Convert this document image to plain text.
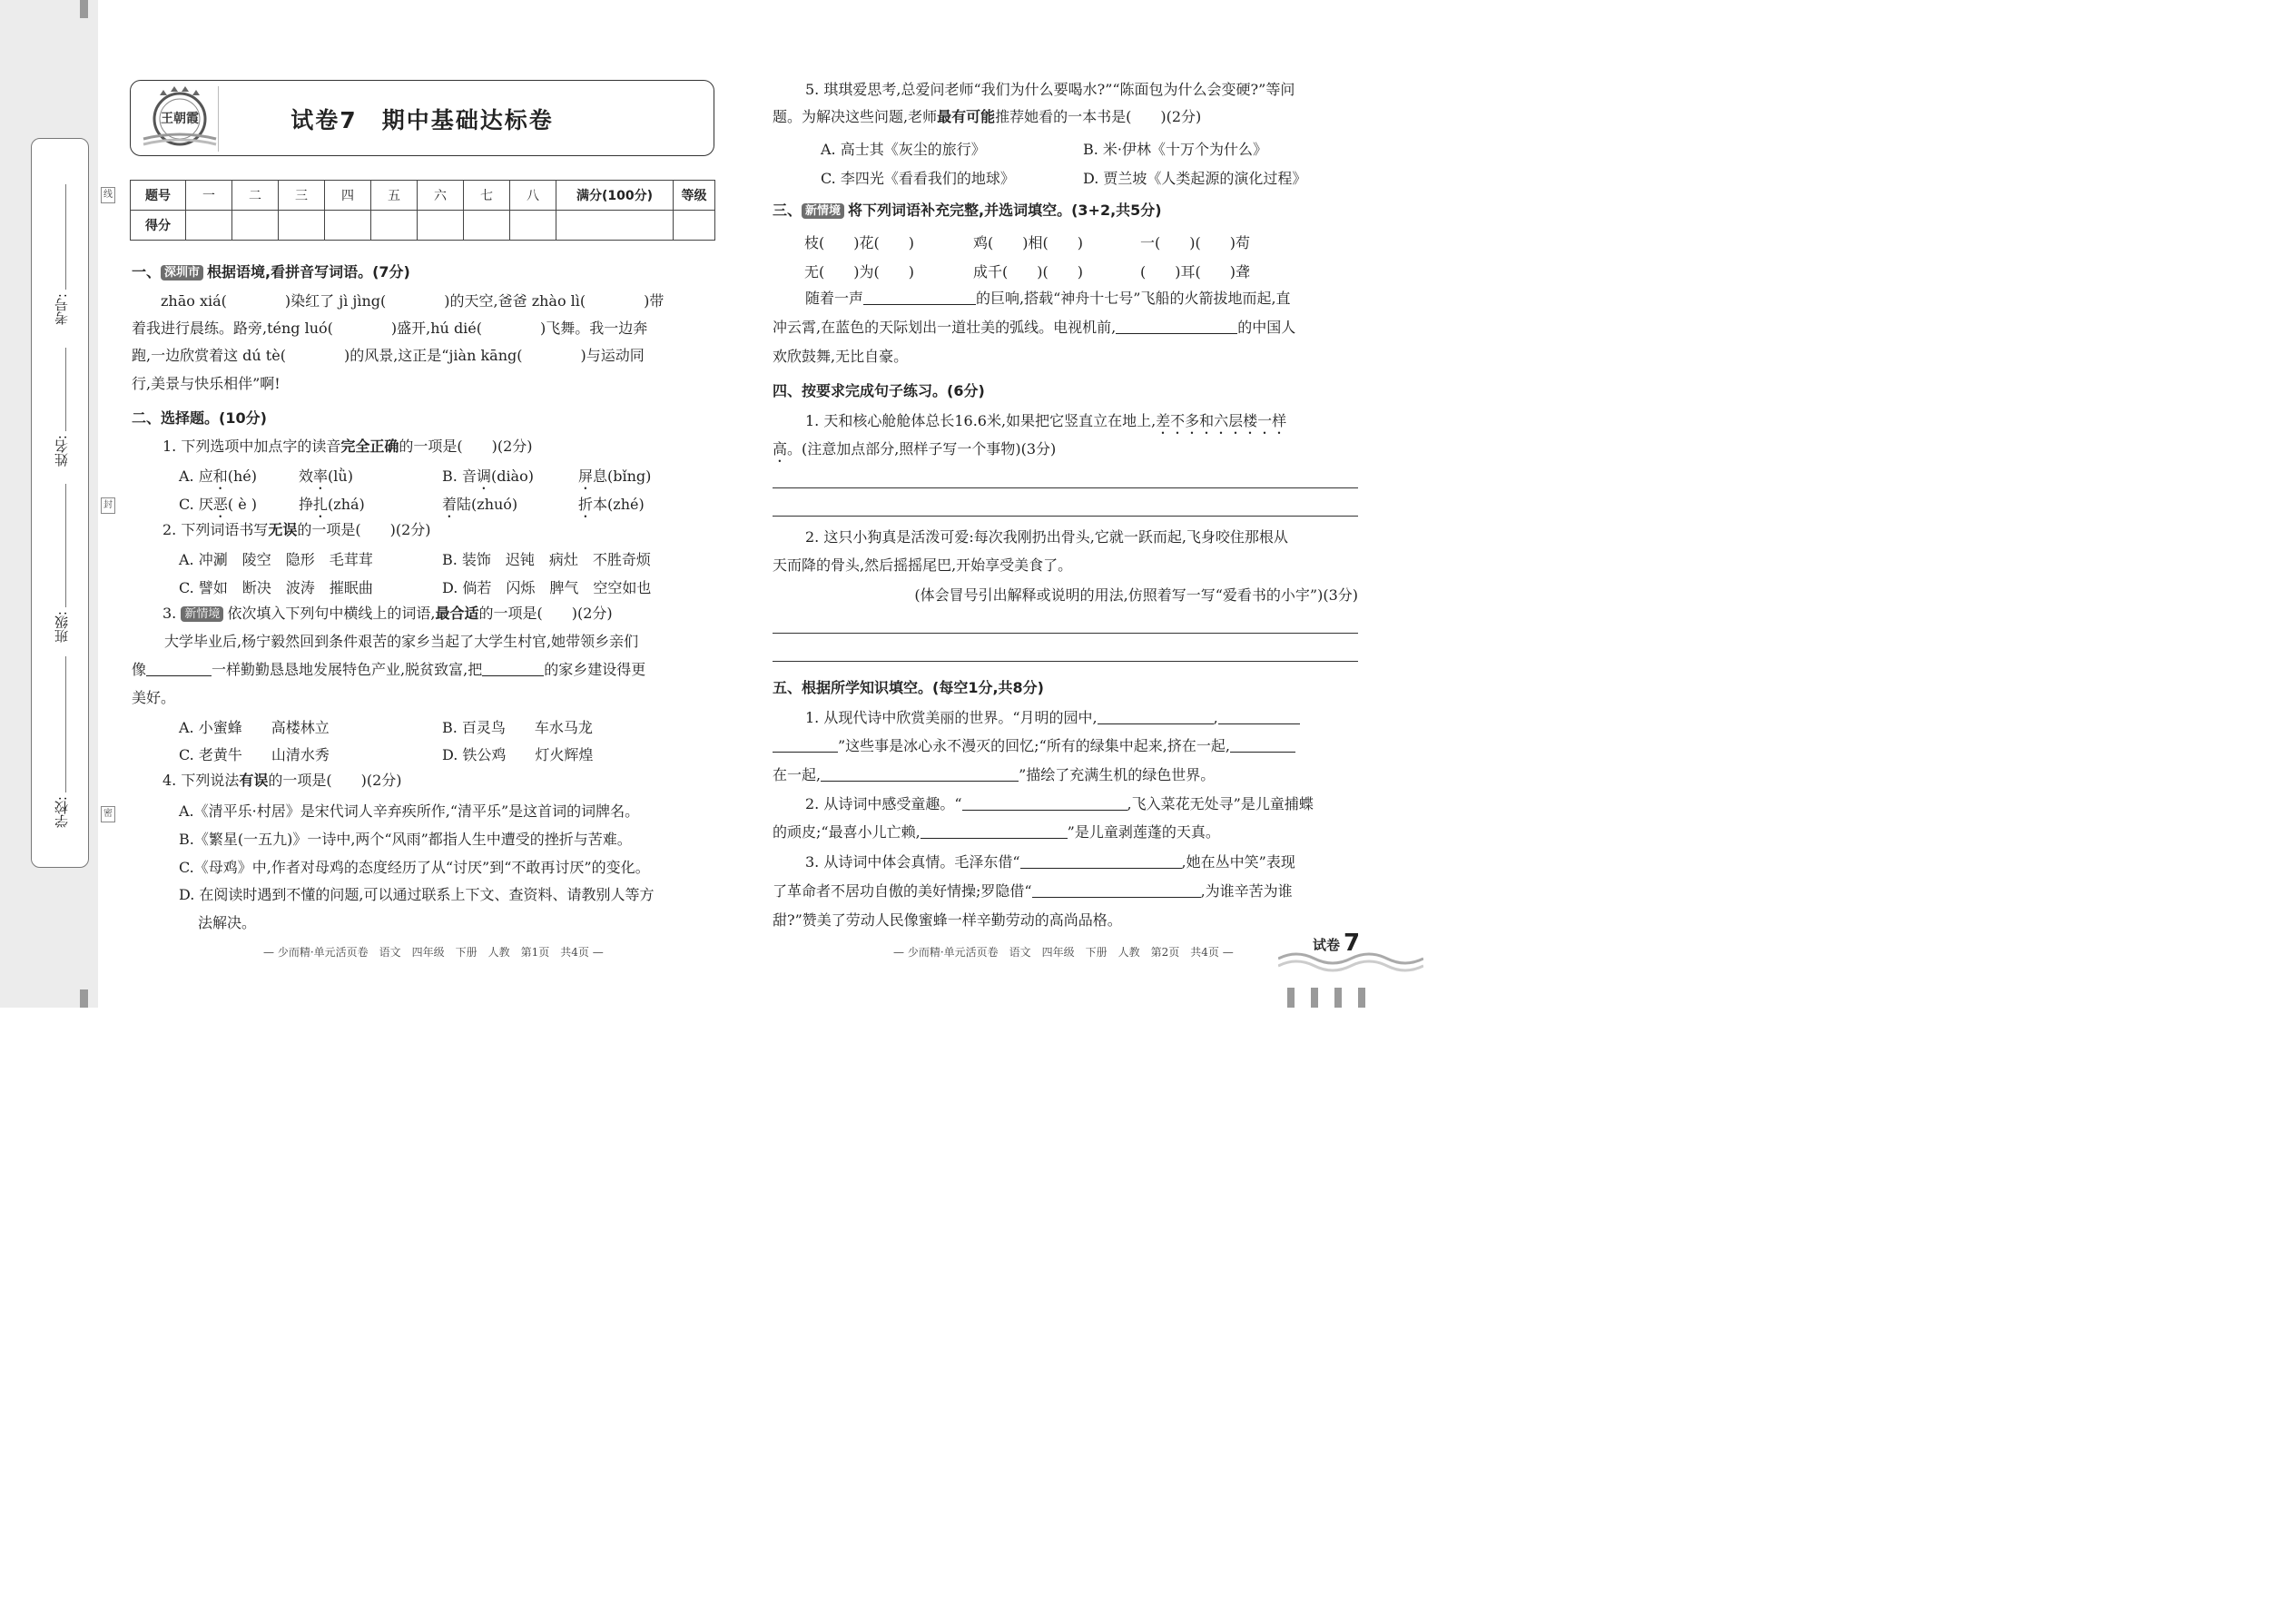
学校:
班级:
姓名:
考号:
线
封
密
王朝霞	试卷7　期中基础达标卷
题号	一	二	三	四	五	六	七	八	满分(100分)	等级
得分										
一、 深圳市 根据语境,看拼音写词语。(7分)
zhāo xiá(　　　　)染红了 jì jìng(　　　　)的天空,爸爸 zhào lì(　　　　)带
着我进行晨练。路旁,téng luó(　　　　)盛开,hú dié(　　　　)飞舞。我一边奔
跑,一边欣赏着这 dú tè(　　　　)的风景,这正是“jiàn kāng(　　　　)与运动同
行,美景与快乐相伴”啊!
二、选择题。(10分)
1. 下列选项中加点字的读音完全正确的一项是(　　)(2分)
A. 应和(hé)	效率(lǜ)	B. 音调(diào)	屏息(bǐng)
C. 厌恶( è )	挣扎(zhá)	着陆(zhuó)	折本(zhé)
2. 下列词语书写无误的一项是(　　)(2分)
A. 冲涮　陵空　隐形　毛茸茸	B. 装饰　迟钝　病灶　不胜奇烦
C. 譬如　断决　波涛　摧眠曲	D. 倘若　闪烁　脾气　空空如也
3. 新情境 依次填入下列句中横线上的词语,最合适的一项是(　　)(2分)
大学毕业后,杨宁毅然回到条件艰苦的家乡当起了大学生村官,她带领乡亲们
像	一样勤勤恳恳地发展特色产业,脱贫致富,把	的家乡建设得更
美好。
A. 小蜜蜂　　高楼林立	B. 百灵鸟　　车水马龙
C. 老黄牛　　山清水秀	D. 铁公鸡　　灯火辉煌
4. 下列说法有误的一项是(　　)(2分)
A.《清平乐·村居》是宋代词人辛弃疾所作,“清平乐”是这首词的词牌名。
B.《繁星(一五九)》一诗中,两个“风雨”都指人生中遭受的挫折与苦难。
C.《母鸡》中,作者对母鸡的态度经历了从“讨厌”到“不敢再讨厌”的变化。
D. 在阅读时遇到不懂的问题,可以通过联系上下文、查资料、请教别人等方
法解决。
— 少而精·单元活页卷　语文　四年级　下册　人教　第1页　共4页 —
5. 琪琪爱思考,总爱问老师“我们为什么要喝水?”“陈面包为什么会变硬?”等问
题。为解决这些问题,老师最有可能推荐她看的一本书是(　　)(2分)
A. 高士其《灰尘的旅行》	B. 米·伊林《十万个为什么》
C. 李四光《看看我们的地球》	D. 贾兰坡《人类起源的演化过程》
三、 新情境 将下列词语补充完整,并选词填空。(3+2,共5分)
枝(　　)花(　　)	鸡(　　)相(　　)	一(　　)(　　)苟
无(　　)为(　　)	成千(　　)(　　)	(　　)耳(　　)聋
随着一声	的巨响,搭载“神舟十七号”飞船的火箭拔地而起,直
冲云霄,在蓝色的天际划出一道壮美的弧线。电视机前,	的中国人
欢欣鼓舞,无比自豪。
四、按要求完成句子练习。(6分)
1. 天和核心舱舱体总长16.6米,如果把它竖直立在地上,差不多和六层楼一样
高。(注意加点部分,照样子写一个事物)(3分)
2. 这只小狗真是活泼可爱:每次我刚扔出骨头,它就一跃而起,飞身咬住那根从
天而降的骨头,然后摇摇尾巴,开始享受美食了。
(体会冒号引出解释或说明的用法,仿照着写一写“爱看书的小宇”)(3分)
五、根据所学知识填空。(每空1分,共8分)
1. 从现代诗中欣赏美丽的世界。“月明的园中,	,
”这些事是冰心永不漫灭的回忆;“所有的绿集中起来,挤在一起,
在一起,	”描绘了充满生机的绿色世界。
2. 从诗词中感受童趣。“	,飞入菜花无处寻”是儿童捕蝶
的顽皮;“最喜小儿亡赖,	”是儿童剥莲蓬的天真。
3. 从诗词中体会真情。毛泽东借“	,她在丛中笑”表现
了革命者不居功自傲的美好情操;罗隐借“	,为谁辛苦为谁
甜?”赞美了劳动人民像蜜蜂一样辛勤劳动的高尚品格。
— 少而精·单元活页卷　语文　四年级　下册　人教　第2页　共4页 —	试卷 7
